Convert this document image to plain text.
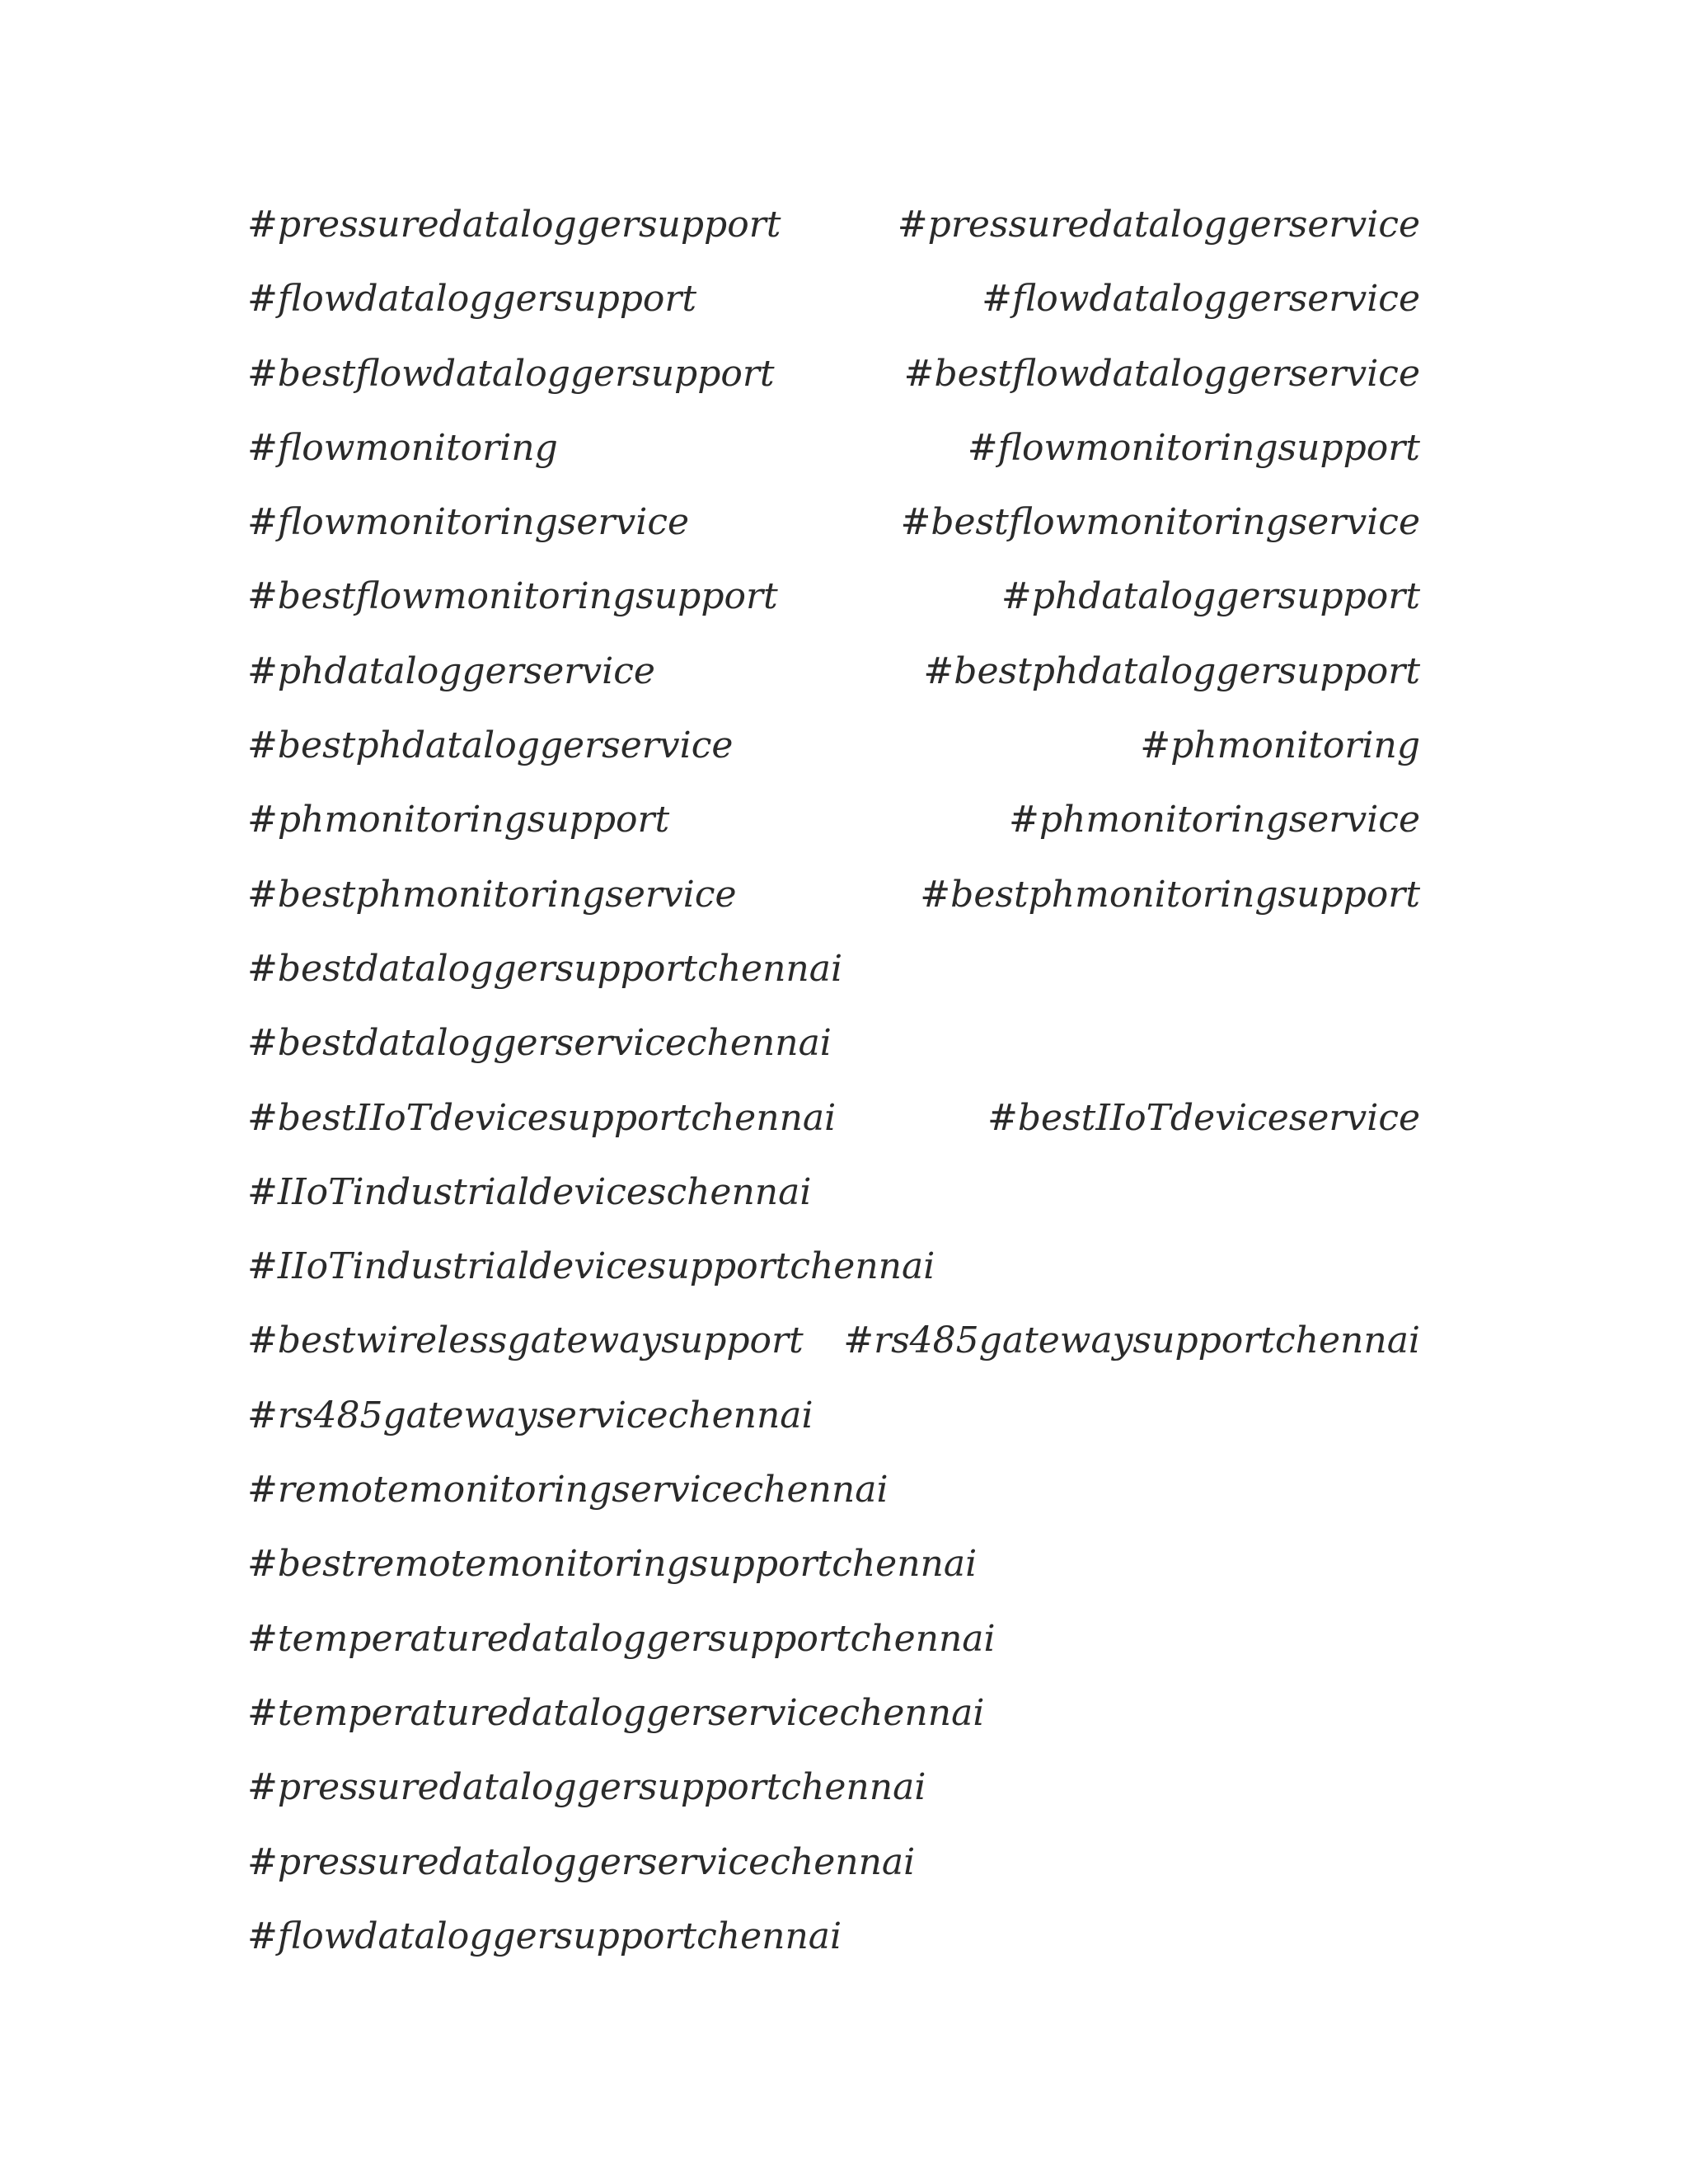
#pressuredataloggersupport	#pressuredataloggerservice
#flowdataloggersupport	#flowdataloggerservice
#bestflowdataloggersupport	#bestflowdataloggerservice
#flowmonitoring	#flowmonitoringsupport
#flowmonitoringservice	#bestflowmonitoringservice
#bestflowmonitoringsupport	#phdataloggersupport
#phdataloggerservice	#bestphdataloggersupport
#bestphdataloggerservice	#phmonitoring
#phmonitoringsupport	#phmonitoringservice
#bestphmonitoringservice	#bestphmonitoringsupport
#bestdataloggersupportchennai
#bestdataloggerservicechennai
#bestIIoTdevicesupportchennai	#bestIIoTdeviceservice
#IIoTindustrialdeviceschennai
#IIoTindustrialdevicesupportchennai
#bestwirelessgatewaysupport #rs485gatewaysupportchennai
#rs485gatewayservicechennai
#remotemonitoringservicechennai
#bestremotemonitoringsupportchennai
#temperaturedataloggersupportchennai
#temperaturedataloggerservicechennai
#pressuredataloggersupportchennai
#pressuredataloggerservicechennai
#flowdataloggersupportchennai
